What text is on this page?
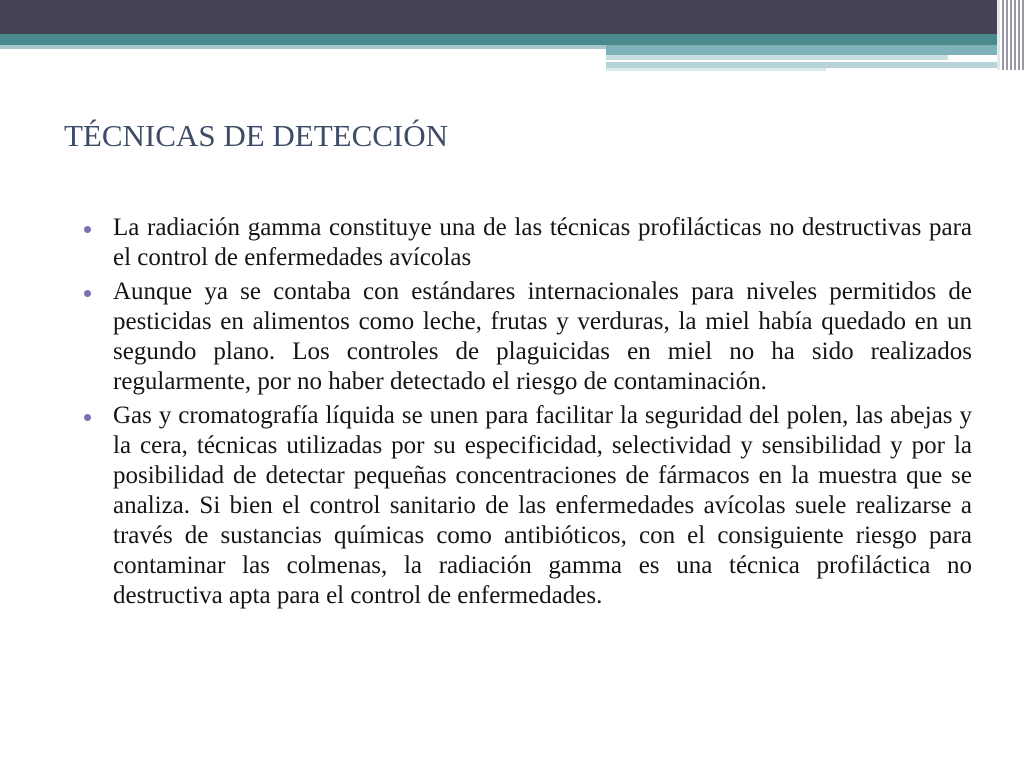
TÉCNICAS DE DETECCIÓN
La radiación gamma constituye una de las técnicas profilácticas no destructivas para el control de enfermedades avícolas
Aunque ya se contaba con estándares internacionales para niveles permitidos de pesticidas en alimentos como leche, frutas y verduras, la miel había quedado en un segundo plano. Los controles de plaguicidas en miel no ha sido realizados regularmente, por no haber detectado el riesgo de contaminación.
Gas y cromatografía líquida se unen para facilitar la seguridad del polen, las abejas y la cera, técnicas utilizadas por su especificidad, selectividad y sensibilidad y por la posibilidad de detectar pequeñas concentraciones de fármacos en la muestra que se analiza. Si bien el control sanitario de las enfermedades avícolas suele realizarse a través de sustancias químicas como antibióticos, con el consiguiente riesgo para contaminar las colmenas, la radiación gamma es una técnica profiláctica no destructiva apta para el control de enfermedades.
